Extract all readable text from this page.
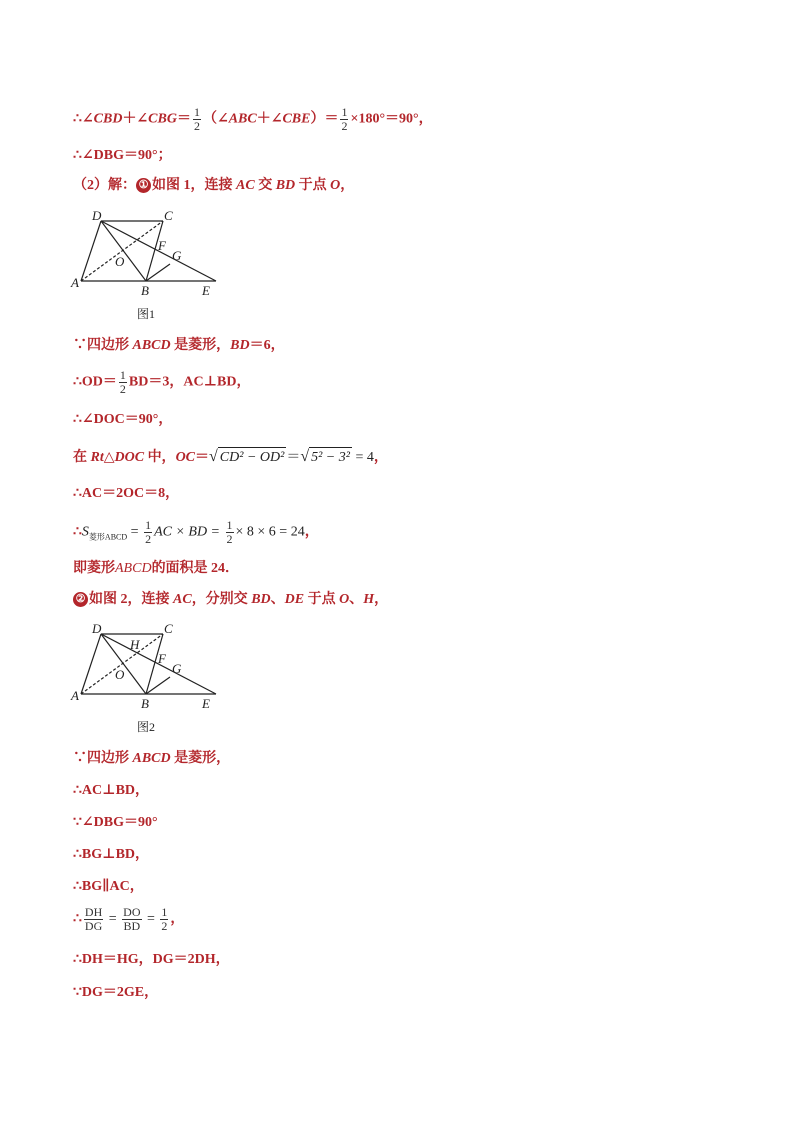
∴∠CBD＋∠CBG＝ $\frac{1}{2}$ （∠ABC＋∠CBE）＝ $\frac{1}{2} \times 180^\circ=90^\circ$，
∴∠DBG＝90°；
（2）解： ① 如图 1，连接 AC 交 BD 于点 O，
D	C
A
B	E
F
G
O
图1
∵四边形 ABCD 是菱形，BD＝6，
∴OD＝ $\frac{1}{2} BD=3$，AC⊥BD，
∴∠DOC＝90°，
在 Rt△DOC 中，OC＝√ CD² − OD² ＝√ 5² − 3² = 4，
∴AC＝2OC＝8，
$\therefore S_{菱形ABCD} = \frac{1}{2}$ AC × BD = $\frac{1}{2} \times 8 \times 6 = 24$，
即菱形ABCD的面积是 24．
② 如图 2，连接 AC，分别交 BD、DE 于点 O、H，
D	C
A
B	E
F
G
O
H
图2
∵四边形 ABCD 是菱形，
∴AC⊥BD，
∵∠DBG＝90°
∴BG⊥BD，
∴BG∥AC，
∴ $\frac{DH}{DG} = \frac{DO}{BD} = \frac{1}{2}$ ，
∴DH＝HG，DG＝2DH，
∵DG＝2GE，
